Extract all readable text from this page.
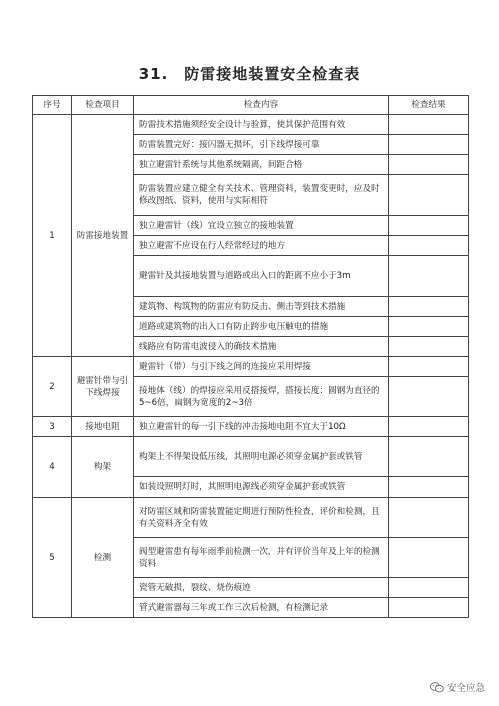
31.　防雷接地装置安全检查表
序号	检查项目	检查内容	检查结果
1	防雷接地装置	防雷技术措施须经安全设计与验算，使其保护范围有效	
		防雷装置完好：接闪器无损坏，引下线焊接可靠	
		独立避雷针系统与其他系统隔离，间距合格	
		防雷装置应建立健全有关技术、管理资料，装置变更时，应及时修改图纸、资料，使用与实际相符	
		独立避雷针（线）宜设立独立的接地装置	
		独立避雷不应设在行人经常经过的地方	
		避雷针及其接地装置与道路或出入口的距离不应小于3m	
		建筑物、构筑物的防雷应有防反击、侧击等到技术措施	
		道路或建筑物的出入口有防止跨步电压触电的措施	
		线路应有防雷电波侵入的确技术措施	
2	避雷针带与引下线焊接	避雷针（带）与引下线之间的连接应采用焊接	
		接地体（线）的焊接应采用反搭接焊，搭接长度：圆钢为直径的5~6倍，扁钢为宽度的2~3倍	
3	接地电阻	独立避雷针的每一引下线的冲击接地电阻不宜大于10Ω	
4	构架	构架上不得架设低压线，其照明电源必须穿金属护套或铁管	
		如装设照明灯时，其照明电源线必须穿金属护套或铁管	
5	检测	对防雷区域和防雷装置能定期进行预防性检查，评价和检测，且有关资料齐全有效	
		阀型避雷患有每年雨季前检测一次，并有评价当年及上年的检测资料	
		瓷管无破损，裂纹、烧伤痕迹	
		管式避雷器每三年或工作三次后检测，有检测记录	
安全应急
